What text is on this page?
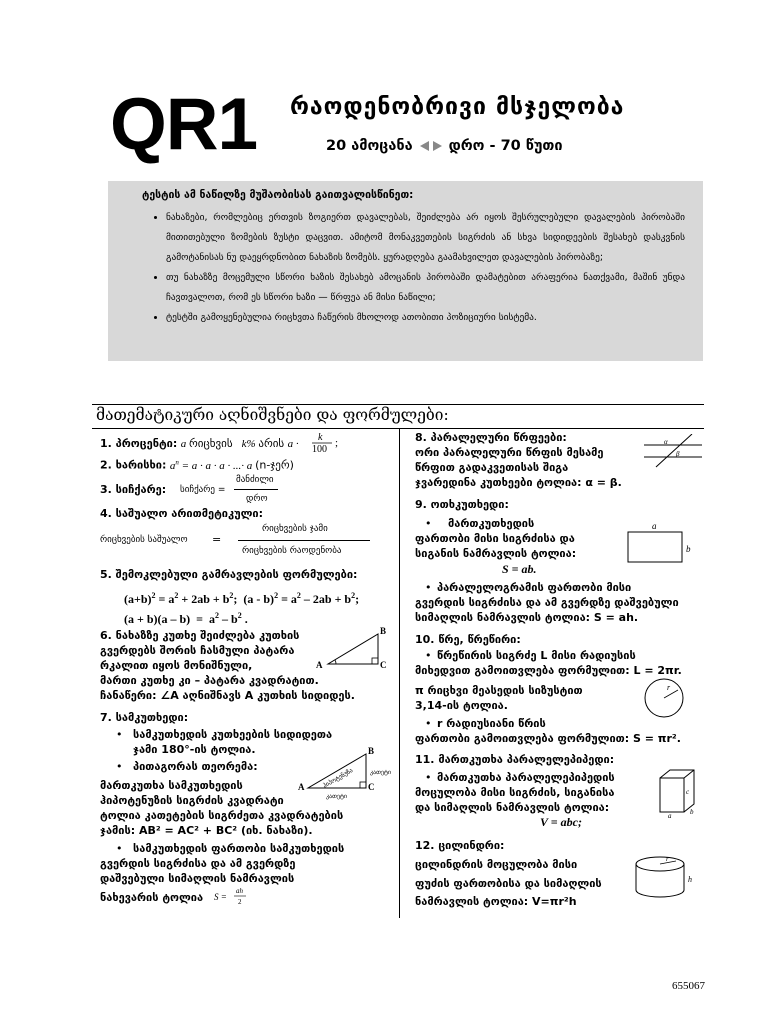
QR1 რაოდენობრივი მსჯელობა
20 ამოცანა დრო - 70 წუთი
ტესტის ამ ნაწილზე მუშაობისას გაითვალისწინეთ:
• ნახაზები, რომლებიც ერთვის ზოგიერთ დავალებას, შეიძლება არ იყოს შესრულებული დავალების პირობაში მითითებული ზომების ზუსტი დაცვით. ამიტომ მონაკვეთების სიგრძის ან სხვა სიდიდეების შესახებ დასკვნის გამოტანისას ნუ დაეყრდნობით ნახაზის ზომებს. ყურადღება გაამახვილეთ დავალების პირობაზე;
• თუ ნახაზზე მოცემული სწორი ხაზის შესახებ ამოცანის პირობაში დამატებით არაფერია ნათქვამი, მაშინ უნდა ჩავთვალოთ, რომ ეს სწორი ხაზი — წრფეა ან მისი ნაწილი;
• ტესტში გამოყენებულია რიცხვთა ჩაწერის მხოლოდ ათობითი პოზიციური სისტემა.
მათემატიკური აღნიშვნები და ფორმულები:
1. პროცენტი: a რიცხვის   k% არის a ·
k
100
;
2. ხარისხი: $a^n = a \cdot a \cdot a$ · ...· a (n-ჯერ)
3. სიჩქარე: სიჩქარე =
მანძილი
დრო
4. საშუალო არითმეტიკული:
რიცხვების საშუალო =
რიცხვების ჯამი
რიცხვების რაოდენობა
5. შემოკლებული გამრავლების ფორმულები:
$(a+b)^2 = a^2 + 2ab + b^2$;  $(a - b)^2 = a^2 - 2ab + b^2$;
$(a + b)(a - b) = a^2 - b^2$ .
6. ნახაზზე კუთხე შეიძლება კუთხის
გვერდებს შორის ჩასმული პატარა
რკალით იყოს მონიშნული,
მართი კუთხე კი – პატარა კვადრატით.
ჩანაწერი: ∠A აღნიშნავს A კუთხის სიდიდეს.
A
B
C
7. სამკუთხედი:
• სამკუთხედის კუთხეების სიდიდეთა
ჯამი 180°-ის ტოლია.
• პითაგორას თეორემა:
მართკუთხა სამკუთხედის
ჰიპოტენუზის სიგრძის კვადრატი
ტოლია კათეტების სიგრძეთა კვადრატების
ჯამის: AB² = AC² + BC² (იხ. ნახაზი).
A
B
C
ჰიპოტენუზა	კათეტი
კათეტი
• სამკუთხედის ფართობი სამკუთხედის
გვერდის სიგრძისა და ამ გვერდზე
დაშვებული სიმაღლის ნამრავლის
ნახევარის ტოლია S =
ah
2
8. პარალელური წრფეები:
ორი პარალელური წრფის მესამე
წრფით გადაკვეთისას შიგა
ჯვარედინა კუთხეები ტოლია: α = β.
α
β
9. ოთხკუთხედი:
• მართკუთხედის
ფართობი მისი სიგრძისა და
სიგანის ნამრავლის ტოლია:
S = ab.
a
b
• პარალელოგრამის ფართობი მისი
გვერდის სიგრძისა და ამ გვერდზე დაშვებული
სიმაღლის ნამრავლის ტოლია: S = ah.
10. წრე, წრეწირი:
• წრეწირის სიგრძე L მისი რადიუსის
მიხედვით გამოითვლება ფორმულით: L = 2πr.
π რიცხვი მეასედის სიზუსტით
3,14-ის ტოლია.
r
• r რადიუსიანი წრის
ფართობი გამოითვლება ფორმულით: S = πr².
11. მართკუთხა პარალელეპიპედი:
• მართკუთხა პარალელეპიპედის
მოცულობა მისი სიგრძის, სიგანისა
და სიმაღლის ნამრავლის ტოლია:
V = abc;
c
a	b
12. ცილინდრი:
ცილინდრის მოცულობა მისი
ფუძის ფართობისა და სიმაღლის
ნამრავლის ტოლია: V=πr²h
r
h
655067
